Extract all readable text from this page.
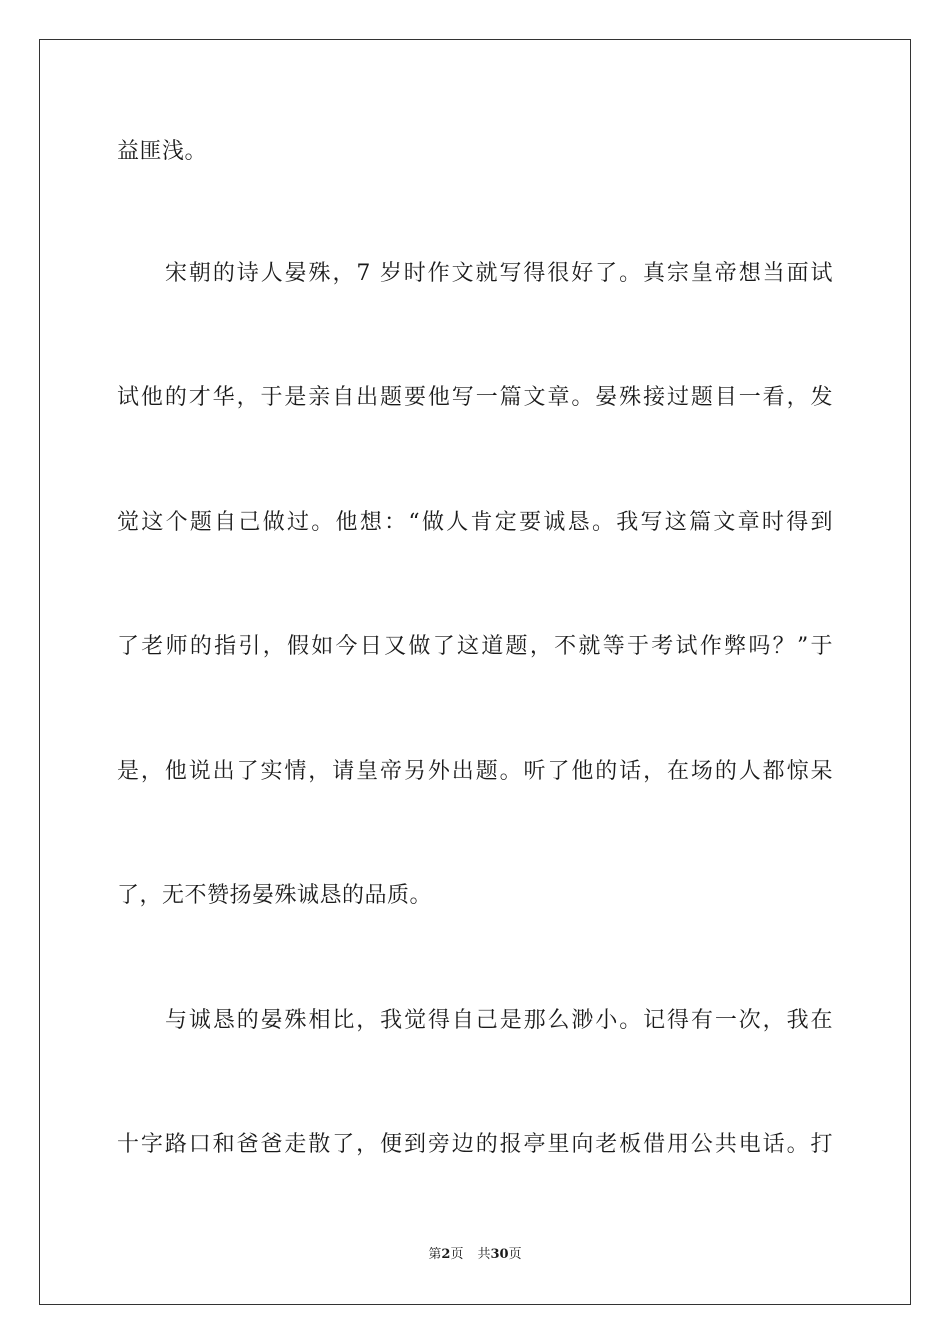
益匪浅。
宋朝的诗人晏殊，7 岁时作文就写得很好了。真宗皇帝想当面试
试他的才华，于是亲自出题要他写一篇文章。晏殊接过题目一看，发
觉这个题自己做过。他想：“做人肯定要诚恳。我写这篇文章时得到
了老师的指引，假如今日又做了这道题，不就等于考试作弊吗？”于
是，他说出了实情，请皇帝另外出题。听了他的话，在场的人都惊呆
了，无不赞扬晏殊诚恳的品质。
与诚恳的晏殊相比，我觉得自己是那么渺小。记得有一次，我在
十字路口和爸爸走散了，便到旁边的报亭里向老板借用公共电话。打
第2页 共30页
